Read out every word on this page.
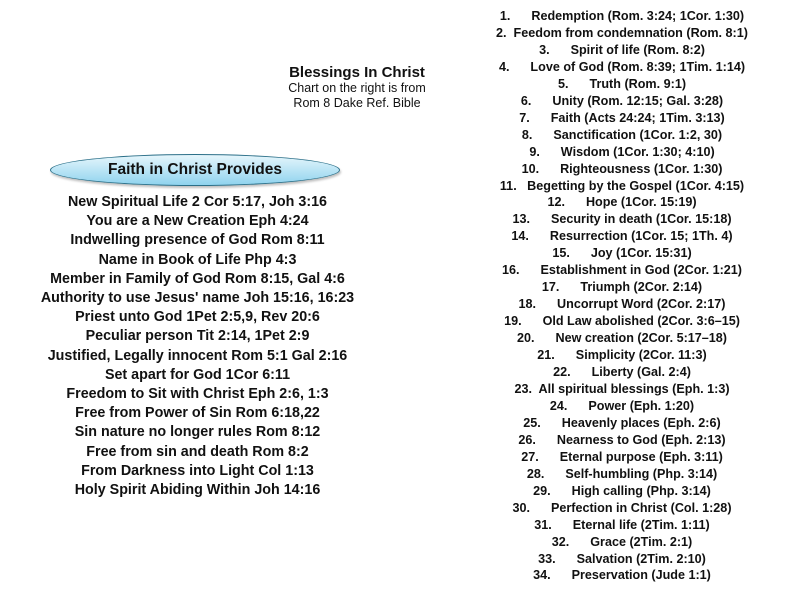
Blessings In Christ
Chart on the right is from
Rom 8 Dake Ref. Bible
Faith in Christ Provides
New Spiritual Life 2 Cor 5:17, Joh 3:16
You are a New Creation Eph 4:24
Indwelling presence of God Rom 8:11
Name in Book of Life Php 4:3
Member in Family of God Rom 8:15, Gal 4:6
Authority to use Jesus' name Joh 15:16, 16:23
Priest unto God 1Pet 2:5,9, Rev 20:6
Peculiar person Tit 2:14, 1Pet 2:9
Justified, Legally innocent Rom 5:1 Gal 2:16
Set apart for God 1Cor 6:11
Freedom to Sit with Christ Eph 2:6, 1:3
Free from Power of Sin Rom 6:18,22
Sin nature no longer rules Rom 8:12
Free from sin and death Rom 8:2
From Darkness into Light Col 1:13
Holy Spirit Abiding Within Joh 14:16
1.      Redemption (Rom. 3:24; 1Cor. 1:30)
2.  Feedom from condemnation (Rom. 8:1)
3.      Spirit of life (Rom. 8:2)
4.      Love of God (Rom. 8:39; 1Tim. 1:14)
5.      Truth (Rom. 9:1)
6.      Unity (Rom. 12:15; Gal. 3:28)
7.      Faith (Acts 24:24; 1Tim. 3:13)
8.      Sanctification (1Cor. 1:2, 30)
9.      Wisdom (1Cor. 1:30; 4:10)
10.      Righteousness (1Cor. 1:30)
11.   Begetting by the Gospel (1Cor. 4:15)
12.      Hope (1Cor. 15:19)
13.      Security in death (1Cor. 15:18)
14.      Resurrection (1Cor. 15; 1Th. 4)
15.      Joy (1Cor. 15:31)
16.      Establishment in God (2Cor. 1:21)
17.      Triumph (2Cor. 2:14)
18.      Uncorrupt Word (2Cor. 2:17)
19.      Old Law abolished (2Cor. 3:6–15)
20.      New creation (2Cor. 5:17–18)
21.      Simplicity (2Cor. 11:3)
22.      Liberty (Gal. 2:4)
23.  All spiritual blessings (Eph. 1:3)
24.      Power (Eph. 1:20)
25.      Heavenly places (Eph. 2:6)
26.      Nearness to God (Eph. 2:13)
27.      Eternal purpose (Eph. 3:11)
28.      Self-humbling (Php. 3:14)
29.      High calling (Php. 3:14)
30.      Perfection in Christ (Col. 1:28)
31.      Eternal life (2Tim. 1:11)
32.      Grace (2Tim. 2:1)
33.      Salvation (2Tim. 2:10)
34.      Preservation (Jude 1:1)
